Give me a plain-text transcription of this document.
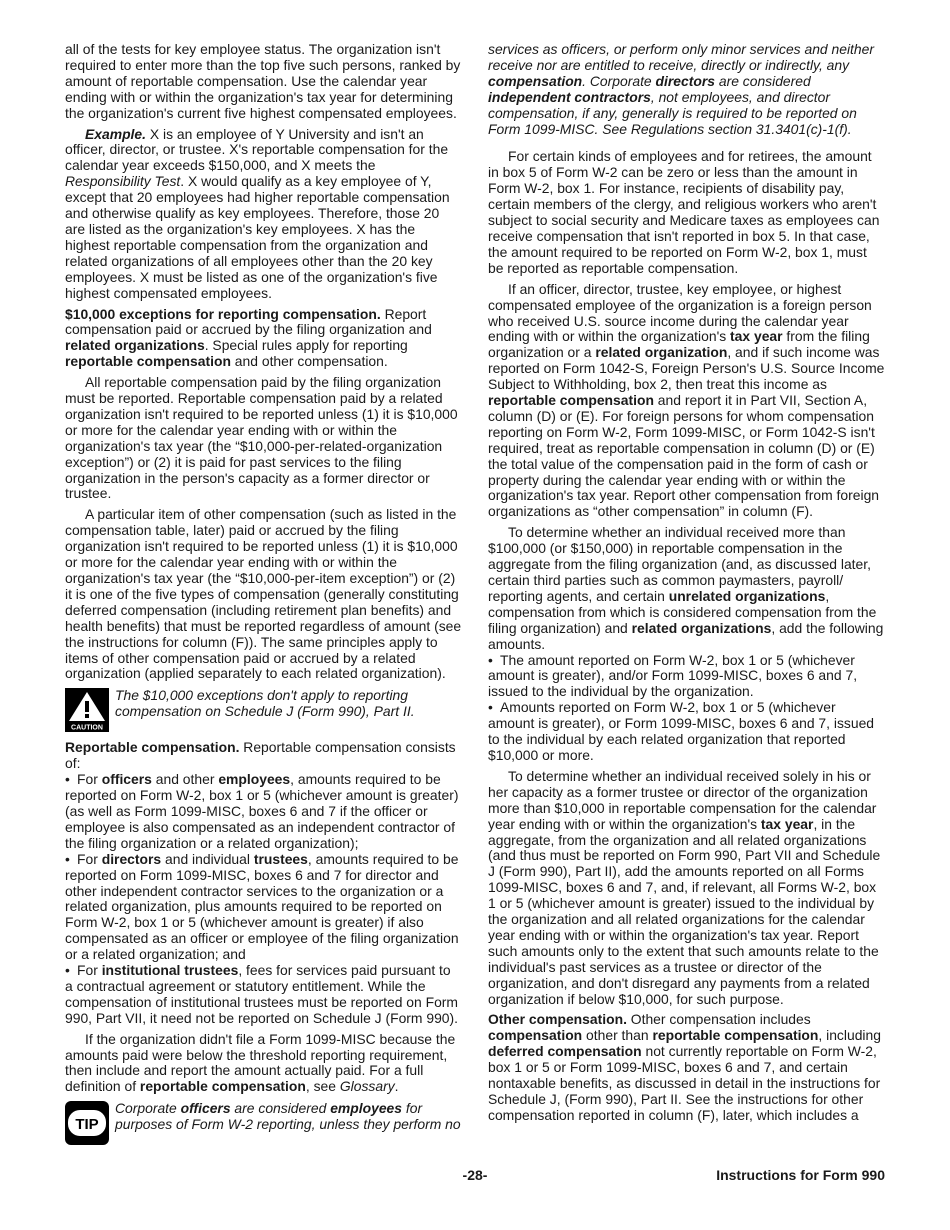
all of the tests for key employee status. The organization isn't required to enter more than the top five such persons, ranked by amount of reportable compensation. Use the calendar year ending with or within the organization's tax year for determining the organization's current five highest compensated employees.

Example. X is an employee of Y University and isn't an officer, director, or trustee. X's reportable compensation for the calendar year exceeds $150,000, and X meets the Responsibility Test. X would qualify as a key employee of Y, except that 20 employees had higher reportable compensation and otherwise qualify as key employees. Therefore, those 20 are listed as the organization's key employees. X has the highest reportable compensation from the organization and related organizations of all employees other than the 20 key employees. X must be listed as one of the organization's five highest compensated employees.

$10,000 exceptions for reporting compensation. Report compensation paid or accrued by the filing organization and related organizations. Special rules apply for reporting reportable compensation and other compensation.

All reportable compensation paid by the filing organization must be reported. Reportable compensation paid by a related organization isn't required to be reported unless (1) it is $10,000 or more for the calendar year ending with or within the organization's tax year (the “$10,000-per-related-organization exception”) or (2) it is paid for past services to the filing organization in the person's capacity as a former director or trustee.

A particular item of other compensation (such as listed in the compensation table, later) paid or accrued by the filing organization isn't required to be reported unless (1) it is $10,000 or more for the calendar year ending with or within the organization's tax year (the “$10,000-per-item exception”) or (2) it is one of the five types of compensation (generally constituting deferred compensation (including retirement plan benefits) and health benefits) that must be reported regardless of amount (see the instructions for column (F)). The same principles apply to items of other compensation paid or accrued by a related organization (applied separately to each related organization).

CAUTION
The $10,000 exceptions don't apply to reporting compensation on Schedule J (Form 990), Part II.

Reportable compensation. Reportable compensation consists of:

• For officers and other employees, amounts required to be reported on Form W-2, box 1 or 5 (whichever amount is greater) (as well as Form 1099-MISC, boxes 6 and 7 if the officer or employee is also compensated as an independent contractor of the filing organization or a related organization);

• For directors and individual trustees, amounts required to be reported on Form 1099-MISC, boxes 6 and 7 for director and other independent contractor services to the organization or a related organization, plus amounts required to be reported on Form W-2, box 1 or 5 (whichever amount is greater) if also compensated as an officer or employee of the filing organization or a related organization; and

• For institutional trustees, fees for services paid pursuant to a contractual agreement or statutory entitlement. While the compensation of institutional trustees must be reported on Form 990, Part VII, it need not be reported on Schedule J (Form 990).

If the organization didn't file a Form 1099-MISC because the amounts paid were below the threshold reporting requirement, then include and report the amount actually paid. For a full definition of reportable compensation, see Glossary.

TIP
Corporate officers are considered employees for purposes of Form W-2 reporting, unless they perform no

services as officers, or perform only minor services and neither receive nor are entitled to receive, directly or indirectly, any compensation. Corporate directors are considered independent contractors, not employees, and director compensation, if any, generally is required to be reported on Form 1099-MISC. See Regulations section 31.3401(c)-1(f).

For certain kinds of employees and for retirees, the amount in box 5 of Form W-2 can be zero or less than the amount in Form W-2, box 1. For instance, recipients of disability pay, certain members of the clergy, and religious workers who aren't subject to social security and Medicare taxes as employees can receive compensation that isn't reported in box 5. In that case, the amount required to be reported on Form W-2, box 1, must be reported as reportable compensation.

If an officer, director, trustee, key employee, or highest compensated employee of the organization is a foreign person who received U.S. source income during the calendar year ending with or within the organization's tax year from the filing organization or a related organization, and if such income was reported on Form 1042-S, Foreign Person's U.S. Source Income Subject to Withholding, box 2, then treat this income as reportable compensation and report it in Part VII, Section A, column (D) or (E). For foreign persons for whom compensation reporting on Form W-2, Form 1099-MISC, or Form 1042-S isn't required, treat as reportable compensation in column (D) or (E) the total value of the compensation paid in the form of cash or property during the calendar year ending with or within the organization's tax year. Report other compensation from foreign organizations as “other compensation” in column (F).

To determine whether an individual received more than $100,000 (or $150,000) in reportable compensation in the aggregate from the filing organization (and, as discussed later, certain third parties such as common paymasters, payroll/ reporting agents, and certain unrelated organizations, compensation from which is considered compensation from the filing organization) and related organizations, add the following amounts.

• The amount reported on Form W-2, box 1 or 5 (whichever amount is greater), and/or Form 1099-MISC, boxes 6 and 7, issued to the individual by the organization.

• Amounts reported on Form W-2, box 1 or 5 (whichever amount is greater), or Form 1099-MISC, boxes 6 and 7, issued to the individual by each related organization that reported $10,000 or more.

To determine whether an individual received solely in his or her capacity as a former trustee or director of the organization more than $10,000 in reportable compensation for the calendar year ending with or within the organization's tax year, in the aggregate, from the organization and all related organizations (and thus must be reported on Form 990, Part VII and Schedule J (Form 990), Part II), add the amounts reported on all Forms 1099-MISC, boxes 6 and 7, and, if relevant, all Forms W-2, box 1 or 5 (whichever amount is greater) issued to the individual by the organization and all related organizations for the calendar year ending with or within the organization's tax year. Report such amounts only to the extent that such amounts relate to the individual's past services as a trustee or director of the organization, and don't disregard any payments from a related organization if below $10,000, for such purpose.

Other compensation. Other compensation includes compensation other than reportable compensation, including deferred compensation not currently reportable on Form W-2, box 1 or 5 or Form 1099-MISC, boxes 6 and 7, and certain nontaxable benefits, as discussed in detail in the instructions for Schedule J, (Form 990), Part II. See the instructions for other compensation reported in column (F), later, which includes a

-28-	Instructions for Form 990
